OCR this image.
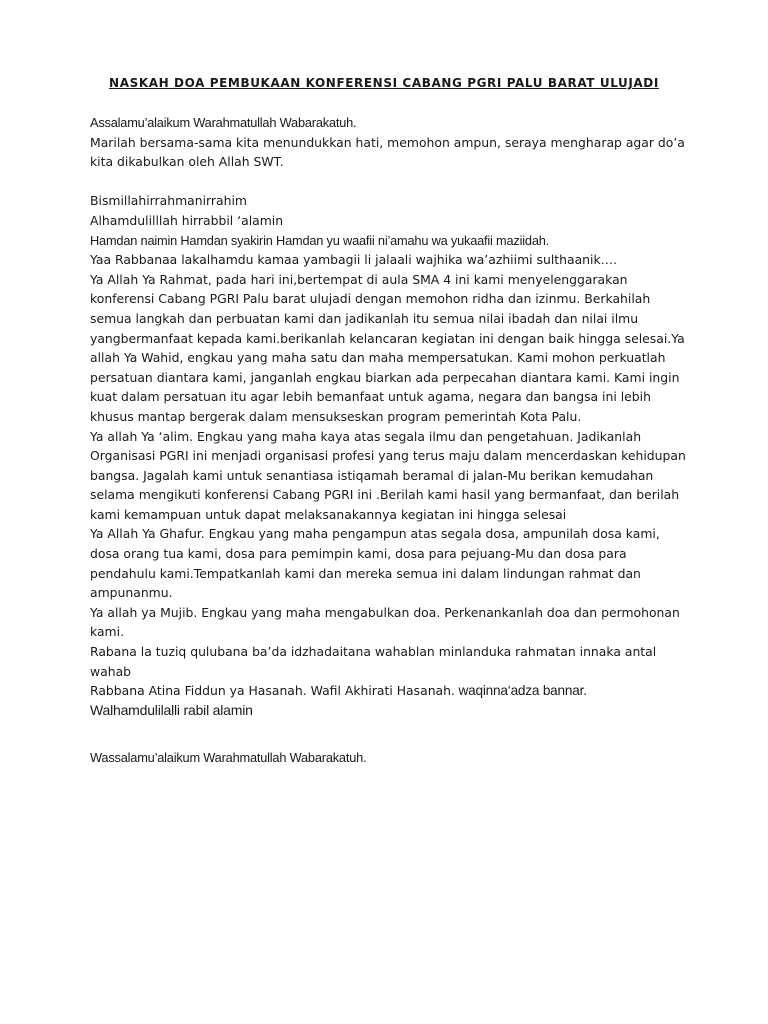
NASKAH DOA PEMBUKAAN KONFERENSI CABANG PGRI PALU BARAT ULUJADI

Assalamu’alaikum Warahmatullah Wabarakatuh.

Marilah bersama-sama kita menundukkan hati, memohon ampun, seraya mengharap agar do’a kita dikabulkan oleh Allah SWT.

Bismillahirrahmanirrahim

Alhamdulilllah hirrabbil ‘alamin

Hamdan naimin Hamdan syakirin Hamdan yu waafii ni’amahu wa yukaafii maziidah.

Yaa Rabbanaa lakalhamdu kamaa yambagii li jalaali wajhika wa’azhiimi sulthaanik….

Ya Allah Ya Rahmat, pada hari ini,bertempat di aula SMA 4 ini kami menyelenggarakan konferensi Cabang PGRI Palu barat ulujadi dengan memohon ridha dan izinmu. Berkahilah semua langkah dan perbuatan kami dan jadikanlah itu semua nilai ibadah dan nilai ilmu yangbermanfaat kepada kami.berikanlah kelancaran kegiatan ini dengan baik hingga selesai.Ya allah Ya Wahid, engkau yang maha satu dan maha mempersatukan. Kami mohon perkuatlah persatuan diantara kami, janganlah engkau biarkan ada perpecahan diantara kami. Kami ingin kuat dalam persatuan itu agar lebih bemanfaat untuk agama, negara dan bangsa ini lebih khusus mantap bergerak dalam mensukseskan program pemerintah Kota Palu.

Ya allah Ya ‘alim. Engkau yang maha kaya atas segala ilmu dan pengetahuan. Jadikanlah Organisasi PGRI ini menjadi organisasi profesi yang terus maju dalam mencerdaskan kehidupan bangsa. Jagalah kami untuk senantiasa istiqamah beramal di jalan-Mu berikan kemudahan selama mengikuti konferensi Cabang PGRI ini .Berilah kami hasil yang bermanfaat, dan berilah kami kemampuan untuk dapat melaksanakannya kegiatan ini hingga selesai

Ya Allah Ya Ghafur. Engkau yang maha pengampun atas segala dosa, ampunilah dosa kami, dosa orang tua kami, dosa para pemimpin kami, dosa para pejuang-Mu dan dosa para pendahulu kami.Tempatkanlah kami dan mereka semua ini dalam lindungan rahmat dan ampunanmu.

Ya allah ya Mujib. Engkau yang maha mengabulkan doa. Perkenankanlah doa dan permohonan kami.

Rabana la tuziq qulubana ba’da idzhadaitana wahablan minlanduka rahmatan innaka antal wahab

Rabbana Atina Fiddun ya Hasanah. Wafil Akhirati Hasanah. waqinna‘adza bannar.

Walhamdulilalli rabil alamin

Wassalamu’alaikum Warahmatullah Wabarakatuh.
